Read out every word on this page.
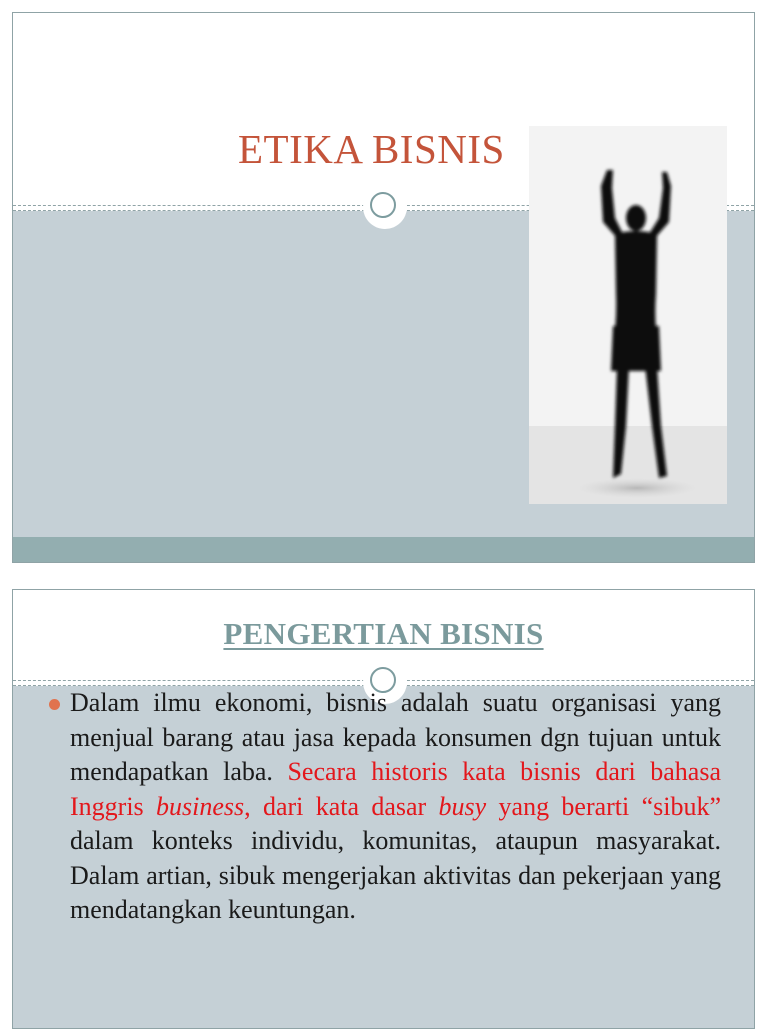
ETIKA BISNIS
PENGERTIAN BISNIS

Dalam ilmu ekonomi, bisnis adalah suatu organisasi yang menjual barang atau jasa kepada konsumen dgn tujuan untuk mendapatkan laba. Secara historis kata bisnis dari bahasa Inggris business, dari kata dasar busy yang berarti “sibuk” dalam konteks individu, komunitas, ataupun masyarakat. Dalam artian, sibuk mengerjakan aktivitas dan pekerjaan yang mendatangkan keuntungan.
